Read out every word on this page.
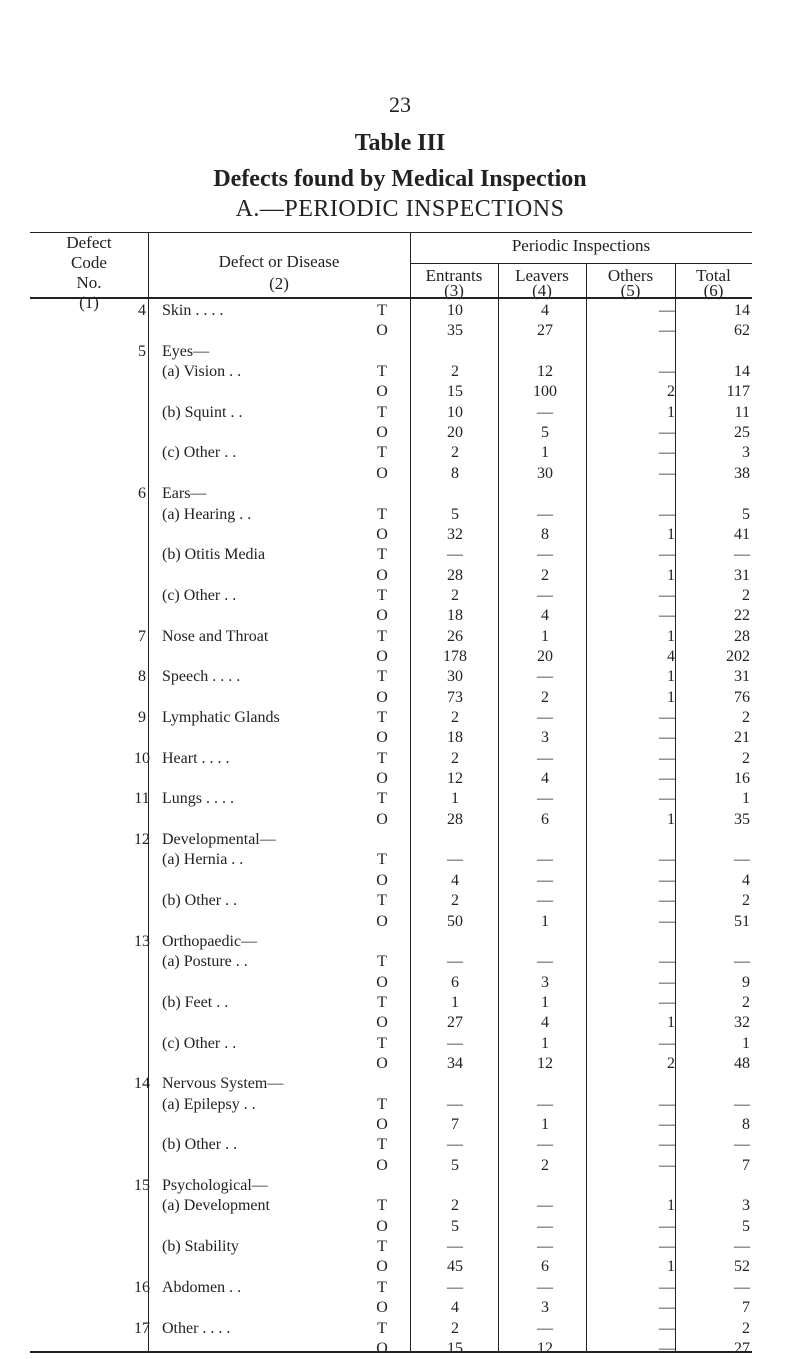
23
Table III
Defects found by Medical Inspection
A.—PERIODIC INSPECTIONS
Defect
Code
No.
(1)
Defect or Disease
(2)
Periodic Inspections
Entrants
(3)
Leavers
(4)
Others
(5)
Total
(6)
4	Skin . . . .	T	10	4	—	14
O	35	27	—	62
5	Eyes—
(a) Vision . .	T	2	12	—	14
O	15	100	2	117
(b) Squint . .	T	10	—	1	11
O	20	5	—	25
(c) Other . .	T	2	1	—	3
O	8	30	—	38
6	Ears—
(a) Hearing . .	T	5	—	—	5
O	32	8	1	41
(b) Otitis Media	T	—	—	—	—
O	28	2	1	31
(c) Other . .	T	2	—	—	2
O	18	4	—	22
7	Nose and Throat	T	26	1	1	28
O	178	20	4	202
8	Speech . . . .	T	30	—	1	31
O	73	2	1	76
9	Lymphatic Glands	T	2	—	—	2
O	18	3	—	21
10 Heart . . . .	T	2	—	—	2
O	12	4	—	16
11 Lungs . . . .	T	1	—	—	1
O	28	6	1	35
12 Developmental—
(a) Hernia . .	T	—	—	—	—
O	4	—	—	4
(b) Other . .	T	2	—	—	2
O	50	1	—	51
13 Orthopaedic—
(a) Posture . .	T	—	—	—	—
O	6	3	—	9
(b) Feet . .	T	1	1	—	2
O	27	4	1	32
(c) Other . .	T	—	1	—	1
O	34	12	2	48
14 Nervous System—
(a) Epilepsy . .	T	—	—	—	—
O	7	1	—	8
(b) Other . .	T	—	—	—	—
O	5	2	—	7
15 Psychological—
(a) Development	T	2	—	1	3
O	5	—	—	5
(b) Stability	T	—	—	—	—
O	45	6	1	52
16 Abdomen . .	T	—	—	—	—
O	4	3	—	7
17 Other . . . .	T	2	—	—	2
O	15	12	—	27
